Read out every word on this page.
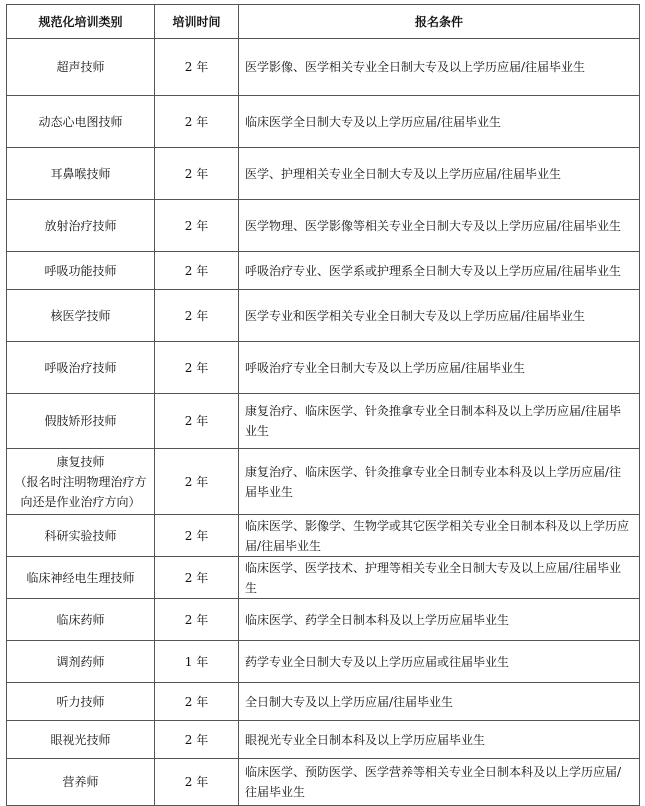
规范化培训类别	培训时间	报名条件
超声技师	2 年	医学影像、医学相关专业全日制大专及以上学历应届/往届毕业生
动态心电图技师	2 年	临床医学全日制大专及以上学历应届/往届毕业生
耳鼻喉技师	2 年	医学、护理相关专业全日制大专及以上学历应届/往届毕业生
放射治疗技师	2 年	医学物理、医学影像等相关专业全日制大专及以上学历应届/往届毕业生
呼吸功能技师	2 年	呼吸治疗专业、医学系或护理系全日制大专及以上学历应届/往届毕业生
核医学技师	2 年	医学专业和医学相关专业全日制大专及以上学历应届/往届毕业生
呼吸治疗技师	2 年	呼吸治疗专业全日制大专及以上学历应届/往届毕业生
假肢矫形技师	2 年	康复治疗、临床医学、针灸推拿专业全日制本科及以上学历应届/往届毕业生
康复技师
（报名时注明物理治疗方向还是作业治疗方向）	2 年	康复治疗、临床医学、针灸推拿专业全日制专业本科及以上学历应届/往届毕业生
科研实验技师	2 年	临床医学、影像学、生物学或其它医学相关专业全日制本科及以上学历应届/往届毕业生
临床神经电生理技师	2 年	临床医学、医学技术、护理等相关专业全日制大专及以上应届/往届毕业生
临床药师	2 年	临床医学、药学全日制本科及以上学历应届毕业生
调剂药师	1 年	药学专业全日制大专及以上学历应届或往届毕业生
听力技师	2 年	全日制大专及以上学历应届/往届毕业生
眼视光技师	2 年	眼视光专业全日制本科及以上学历应届毕业生
营养师	2 年	临床医学、预防医学、医学营养等相关专业全日制本科及以上学历应届/往届毕业生
